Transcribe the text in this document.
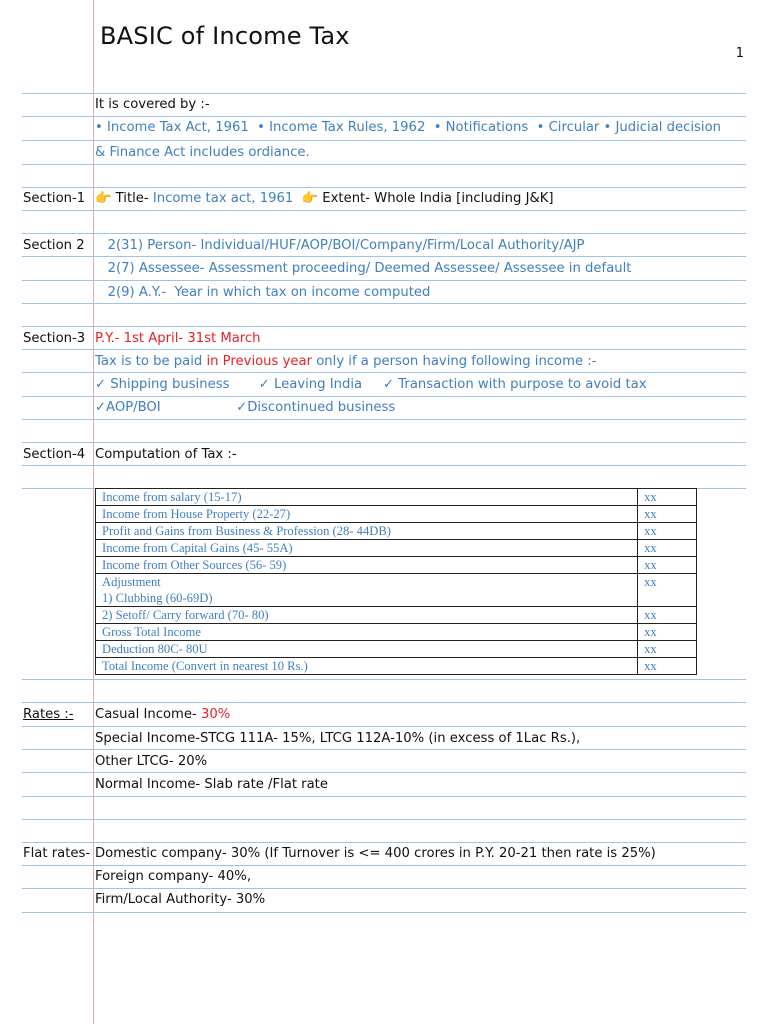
BASIC of Income Tax
1
It is covered by :-
• Income Tax Act, 1961  • Income Tax Rules, 1962  • Notifications  • Circular • Judicial decision
& Finance Act includes ordiance.
Section-1 👉 Title- Income tax act, 1961  👉 Extent- Whole India [including J&K]
Section 2 2(31) Person- Individual/HUF/AOP/BOI/Company/Firm/Local Authority/AJP
2(7) Assessee- Assessment proceeding/ Deemed Assessee/ Assessee in default
2(9) A.Y.-  Year in which tax on income computed
Section-3 P.Y.- 1st April- 31st March
Tax is to be paid in Previous year only if a person having following income :-
✓ Shipping business       ✓ Leaving India     ✓ Transaction with purpose to avoid tax
✓AOP/BOI                  ✓Discontinued business
Section-4 Computation of Tax :-
Income from salary (15-17)	xx

Income from House Property (22-27)	xx

Profit and Gains from Business & Profession (28- 44DB)	xx

Income from Capital Gains (45- 55A)	xx

Income from Other Sources (56- 59)	xx

Adjustment
1) Clubbing (60-69D)	xx

2) Setoff/ Carry forward (70- 80)	xx

Gross Total Income	xx

Deduction 80C- 80U	xx

Total Income (Convert in nearest 10 Rs.)	xx
Rates :- Casual Income- 30%
Special Income-STCG 111A- 15%, LTCG 112A-10% (in excess of 1Lac Rs.),
Other LTCG- 20%
Normal Income- Slab rate /Flat rate
Flat rates- Domestic company- 30% (If Turnover is <= 400 crores in P.Y. 20-21 then rate is 25%)
Foreign company- 40%,
Firm/Local Authority- 30%
